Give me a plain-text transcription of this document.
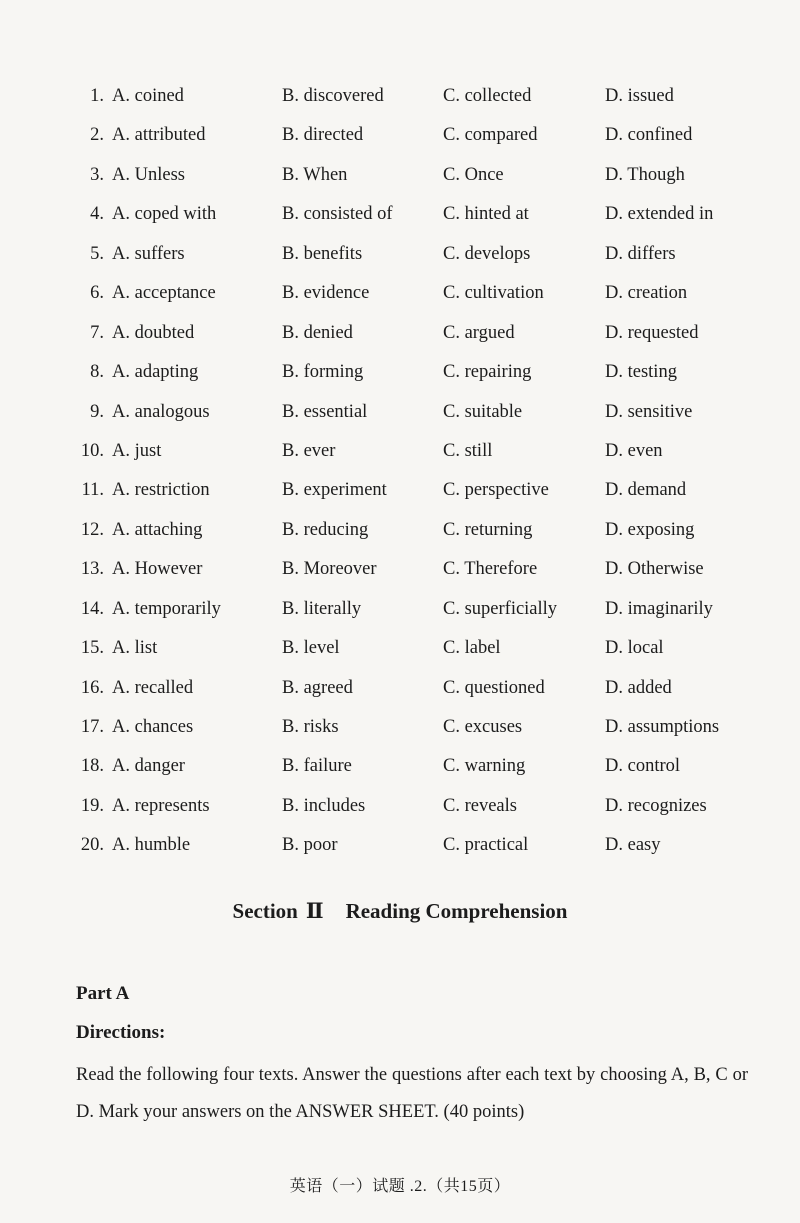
1. A. coined	B. discovered	C. collected	D. issued
2. A. attributed	B. directed	C. compared	D. confined
3. A. Unless	B. When	C. Once	D. Though
4. A. coped with	B. consisted of	C. hinted at	D. extended in
5. A. suffers	B. benefits	C. develops	D. differs
6. A. acceptance	B. evidence	C. cultivation	D. creation
7. A. doubted	B. denied	C. argued	D. requested
8. A. adapting	B. forming	C. repairing	D. testing
9. A. analogous	B. essential	C. suitable	D. sensitive
10. A. just	B. ever	C. still	D. even
11. A. restriction	B. experiment	C. perspective	D. demand
12. A. attaching	B. reducing	C. returning	D. exposing
13. A. However	B. Moreover	C. Therefore	D. Otherwise
14. A. temporarily	B. literally	C. superficially	D. imaginarily
15. A. list	B. level	C. label	D. local
16. A. recalled	B. agreed	C. questioned	D. added
17. A. chances	B. risks	C. excuses	D. assumptions
18. A. danger	B. failure	C. warning	D. control
19. A. represents	B. includes	C. reveals	D. recognizes
20. A. humble	B. poor	C. practical	D. easy
Section Ⅱ Reading Comprehension
Part A
Directions:
Read the following four texts. Answer the questions after each text by choosing A, B, C or D. Mark your answers on the ANSWER SHEET. (40 points)
英语（一）试题 .2.（共15页）
